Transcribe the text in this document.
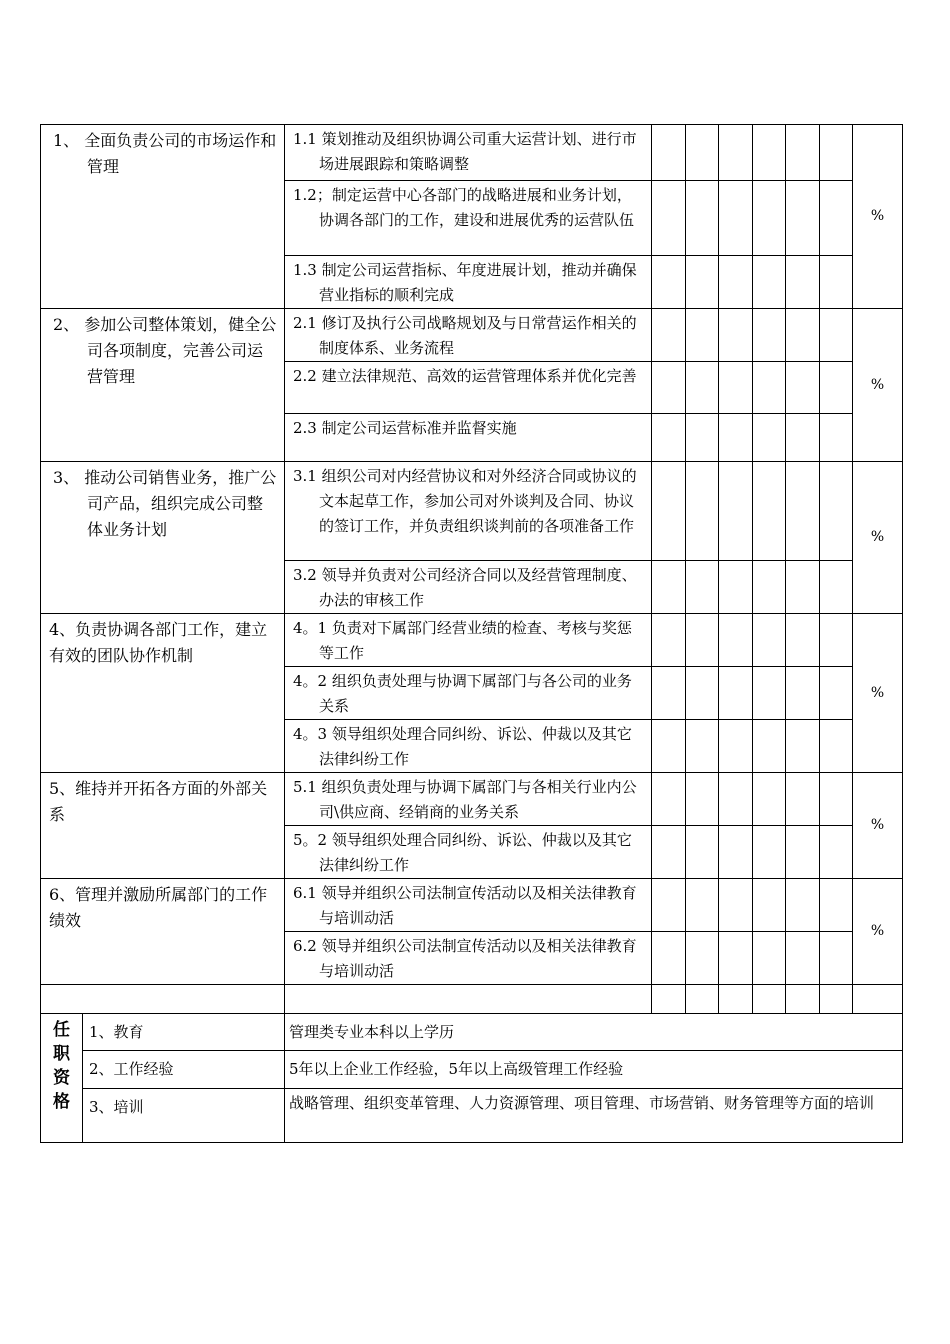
1、 全面负责公司的市场运作和管理		1.1 策划推动及组织协调公司重大运营计划、进行市场进展跟踪和策略调整							%

		1.2；制定运营中心各部门的战略进展和业务计划，协调各部门的工作，建设和进展优秀的运营队伍							

		1.3 制定公司运营指标、年度进展计划，推动并确保营业指标的顺利完成							

2、 参加公司整体策划，健全公司各项制度，完善公司运营管理		2.1 修订及执行公司战略规划及与日常营运作相关的制度体系、业务流程							%

		2.2 建立法律规范、高效的运营管理体系并优化完善							

		2.3 制定公司运营标准并监督实施							

3、 推动公司销售业务，推广公司产品，组织完成公司整体业务计划		3.1 组织公司对内经营协议和对外经济合同或协议的文本起草工作，参加公司对外谈判及合同、协议的签订工作，并负责组织谈判前的各项准备工作							%

		3.2 领导并负责对公司经济合同以及经营管理制度、办法的审核工作							

4、负责协调各部门工作，建立有效的团队协作机制		4。1 负责对下属部门经营业绩的检查、考核与奖惩等工作							%

		4。2 组织负责处理与协调下属部门与各公司的业务关系							

		4。3 领导组织处理合同纠纷、诉讼、仲裁以及其它法律纠纷工作							

5、维持并开拓各方面的外部关系		5.1 组织负责处理与协调下属部门与各相关行业内公司\供应商、经销商的业务关系							%

		5。2 领导组织处理合同纠纷、诉讼、仲裁以及其它法律纠纷工作							

6、管理并激励所属部门的工作绩效		6.1 领导并组织公司法制宣传活动以及相关法律教育与培训动活							%

		6.2 领导并组织公司法制宣传活动以及相关法律教育与培训动活							

任
职
资
格	1、教育	管理类专业本科以上学历							
	2、工作经验	5年以上企业工作经验，5年以上高级管理工作经验							
	3、培训	战略管理、组织变革管理、人力资源管理、项目管理、市场营销、财务管理等方面的培训							
